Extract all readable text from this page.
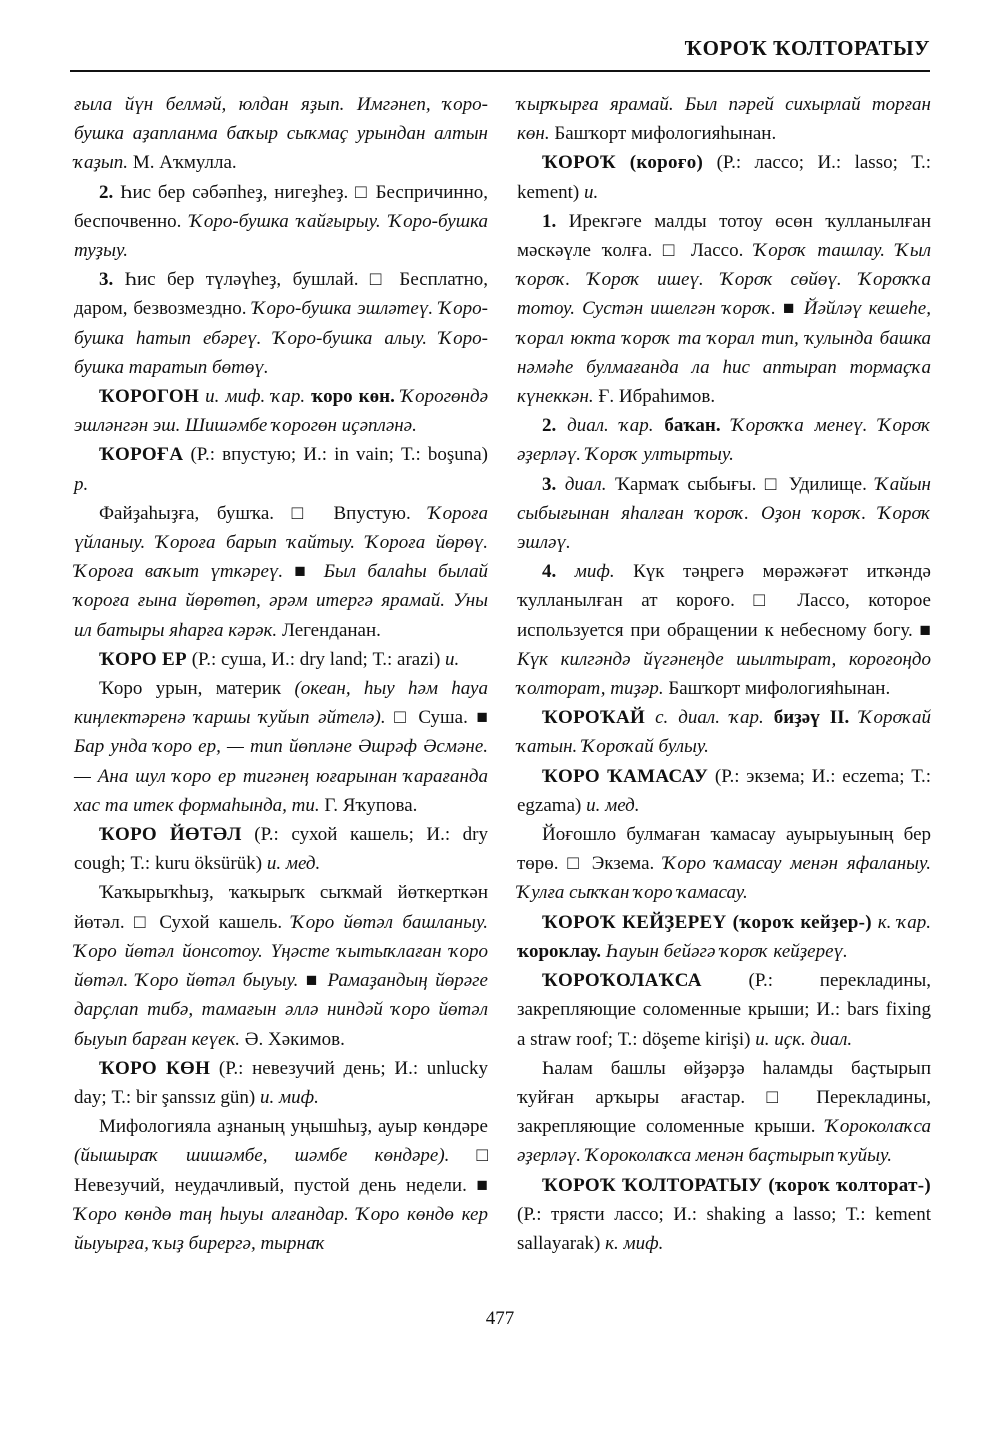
ҠОРОҠ ҠОЛТОРАТЫУ

ғыла йүн белмәй, юлдан яҙып. Имгәнеп, ҡоро-бушка аҙапланма баҡыр сыҡмаҫ урындан алтын ҡаҙып. М. Аҡмулла.

2. Һис бер сәбәпһеҙ, нигеҙһеҙ. □ Беспричинно, беспочвенно. Ҡоро-бушка ҡайғырыу. Ҡоро-бушка туҙыу.

3. Һис бер түләүһеҙ, бушлай. □ Бесплатно, даром, безвозмездно. Ҡоро-бушка эшләтеү. Ҡоро-бушка һатып ебәреү. Ҡоро-бушка алыу. Ҡоро-бушка таратып бөтөү.

ҠОРОГОН и. миф. ҡар. ҡоро көн. Ҡорогөндә эшләнгән эш. Шишәмбе ҡорогөн иҫәпләнә.

ҠОРОҒА (Р.: впустую; И.: in vain; Т.: boşuna) р.

Файҙаһыҙға, бушҡа. □ Впустую. Ҡороға үйланыу. Ҡороға барып ҡайтыу. Ҡороға йөрөү. Ҡороға ваҡыт үткәреү. ■ Был балаһы былай ҡороға ғына йөрөтөп, әрәм итергә ярамай. Уны ил батыры яһарға кәрәк. Легенданан.

ҠОРО ЕР (Р.: суша, И.: dry land; Т.: arazi) и.

Ҡоро урын, материк (океан, һыу һәм һауа киңлектәренә ҡаршы ҡуйып әйтелә). □ Суша. ■ Бар унда ҡоро ер, — тип йөпләне Әшрәф Әсмәне. — Ана шул ҡоро ер тигәнең юғарынан ҡарағанда хас та итек формаһында, ти. Г. Яҡупова.

ҠОРО ЙӨТӘЛ (Р.: сухой кашель; И.: dry cough; Т.: kuru öksürük) и. мед.

Ҡаҡырыҡһыҙ, ҡаҡырыҡ сыҡмай йөткерткән йөтәл. □ Сухой кашель. Ҡоро йөтәл башланыу. Ҡоро йөтәл йонсотоу. Үңәсте ҡытыҡлаған ҡоро йөтәл. Ҡоро йөтәл быуыу. ■ Рамаҙандың йөрәге дарҫлап тибә, тамағын әллә ниндәй ҡоро йөтәл быуып барған кеүек. Ә. Хәкимов.

ҠОРО КӨН (Р.: невезучий день; И.: unlucky day; Т.: bir şanssız gün) и. миф.

Мифологияла аҙнаның уңышһыҙ, ауыр көндәре (йышыраҡ шишәмбе, шәмбе көндәре). □ Невезучий, неудачливый, пустой день недели. ■ Ҡоро көндө таң һыуы алғандар. Ҡоро көндө кер йыуырға, ҡыҙ бирергә, тырнаҡ

ҡырҡырға ярамай. Был пәрей сихырлай торған көн. Башҡорт мифологияһынан.

ҠОРОҠ (короғо) (Р.: лассо; И.: lasso; Т.: kement) и.

1. Ирекгәге малды тотоу өсөн ҡулланылған мәскәүле ҡолға. □ Лассо. Ҡороҡ ташлау. Ҡыл ҡороҡ. Ҡороҡ ишеү. Ҡороҡ сөйөү. Ҡороҡҡа тотоу. Сустән ишелгән ҡороҡ. ■ Йәйләү кешеһе, ҡорал юкта ҡороҡ та ҡорал тип, ҡулында башка нәмәһе булмағанда ла һис аптырап тормаҫҡа күнеккән. Ғ. Ибраһимов.

2. диал. ҡар. баҡан. Ҡороҡҡа менеү. Ҡороҡ әҙерләү. Ҡороҡ ултыртыу.

3. диал. Ҡармаҡ сыбығы. □ Удилище. Ҡайын сыбығынан яһалған ҡороҡ. Оҙон ҡороҡ. Ҡороҡ эшләү.

4. миф. Күк тәңрегә мөрәжәғәт иткәндә ҡулланылған ат короғо. □ Лассо, которое используется при обращении к небесному богу. ■ Күк килгәндә йүгәнеңде шылтырат, короғоңдо ҡолторат, тиҙәр. Башҡорт мифологияһынан.

ҠОРОҠАЙ с. диал. ҡар. биҙәү II. Ҡороҡай ҡатын. Ҡороҡай булыу.

ҠОРО ҠАМАСАУ (Р.: экзема; И.: eczema; Т.: egzama) и. мед.

Йоғошло булмаған ҡамасау ауырыуының бер төрө. □ Экзема. Ҡоро ҡамасау менән яфаланыу. Ҡулға сыҡҡан ҡоро ҡамасау.

ҠОРОҠ КЕЙҘЕРЕҮ (ҡороҡ кейҙер-) к. ҡар. ҡороклау. Һауын бейәгә ҡороҡ кейҙереү.

ҠОРОҠОЛАҠСА (Р.: перекладины, закрепляющие соломенные крыши; И.: bars fixing a straw roof; Т.: döşeme kirişi) и. иҫк. диал.

Һалам башлы өйҙәрҙә һаламды баҫтырып ҡуйған арҡыры ағастар. □ Перекладины, закрепляющие соломенные крыши. Ҡороколаҡса әҙерләү. Ҡороколаҡса менән баҫтырып ҡуйыу.

ҠОРОҠ ҠОЛТОРАТЫУ (ҡороҡ ҡолторат-) (Р.: трясти лассо; И.: shaking a lasso; Т.: kement sallayarak) к. миф.

477
